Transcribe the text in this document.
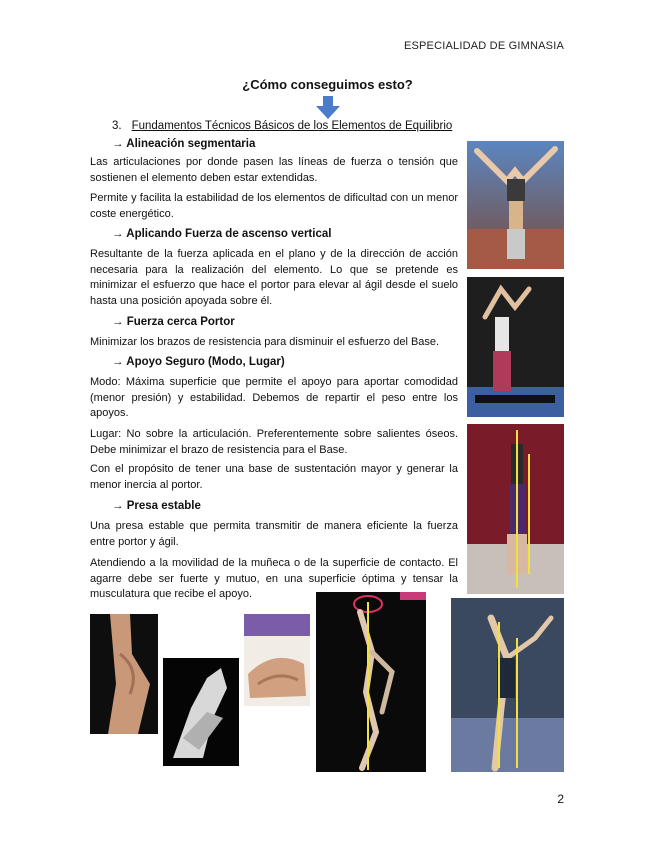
ESPECIALIDAD DE GIMNASIA
¿Cómo conseguimos esto?
3. Fundamentos Técnicos Básicos de los Elementos de Equilibrio
→ Alineación segmentaria

Las articulaciones por donde pasen las líneas de fuerza o tensión que sostienen el elemento deben estar extendidas.

Permite y facilita la estabilidad de los elementos de dificultad con un menor coste energético.

→ Aplicando Fuerza de ascenso vertical

Resultante de la fuerza aplicada en el plano y de la dirección de acción necesaria para la realización del elemento. Lo que se pretende es minimizar el esfuerzo que hace el portor para elevar al ágil desde el suelo hasta una posición apoyada sobre él.

→ Fuerza cerca Portor

Minimizar los brazos de resistencia para disminuir el esfuerzo del Base.

→ Apoyo Seguro (Modo, Lugar)

Modo: Máxima superficie que permite el apoyo para aportar comodidad (menor presión) y estabilidad. Debemos de repartir el peso entre los apoyos.

Lugar: No sobre la articulación. Preferentemente sobre salientes óseos. Debe minimizar el brazo de resistencia para el Base.

Con el propósito de tener una base de sustentación mayor y generar la menor inercia al portor.

→ Presa estable

Una presa estable que permita transmitir de manera eficiente la fuerza entre portor y ágil.

Atendiendo a la movilidad de la muñeca o de la superficie de contacto. El agarre debe ser fuerte y mutuo, en una superficie óptima y tensar la musculatura que recibe el apoyo.

2
